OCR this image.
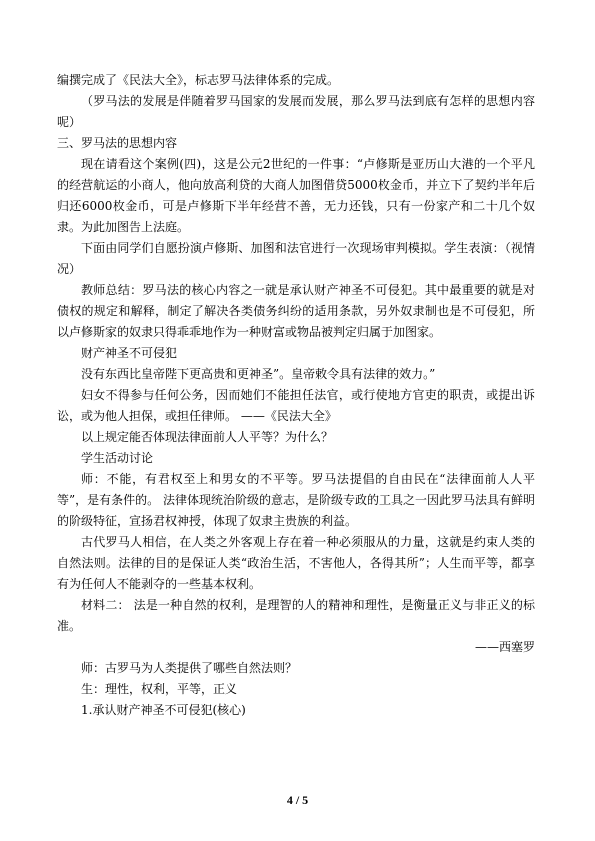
编撰完成了《民法大全》，标志罗马法律体系的完成。

（罗马法的发展是伴随着罗马国家的发展而发展，那么罗马法到底有怎样的思想内容呢）

三、罗马法的思想内容

现在请看这个案例(四)，这是公元2世纪的一件事：“卢修斯是亚历山大港的一个平凡的经营航运的小商人，他向放高利贷的大商人加图借贷5000枚金币，并立下了契约半年后归还6000枚金币，可是卢修斯下半年经营不善，无力还钱，只有一份家产和二十几个奴隶。为此加图告上法庭。

下面由同学们自愿扮演卢修斯、加图和法官进行一次现场审判模拟。学生表演：（视情况）

教师总结：罗马法的核心内容之一就是承认财产神圣不可侵犯。其中最重要的就是对债权的规定和解释，制定了解决各类债务纠纷的适用条款，另外奴隶制也是不可侵犯，所以卢修斯家的奴隶只得乖乖地作为一种财富或物品被判定归属于加图家。

财产神圣不可侵犯

没有东西比皇帝陛下更高贵和更神圣”。皇帝敕令具有法律的效力。”

妇女不得参与任何公务，因而她们不能担任法官，或行使地方官吏的职责，或提出诉讼，或为他人担保，或担任律师。 ——《民法大全》

以上规定能否体现法律面前人人平等？为什么？

学生活动讨论

师：不能，有君权至上和男女的不平等。罗马法提倡的自由民在“法律面前人人平等”，是有条件的。 法律体现统治阶级的意志，是阶级专政的工具之一因此罗马法具有鲜明的阶级特征，宣扬君权神授，体现了奴隶主贵族的利益。

古代罗马人相信，在人类之外客观上存在着一种必须服从的力量，这就是约束人类的自然法则。法律的目的是保证人类“政治生活，不害他人，各得其所”；人生而平等，都享有为任何人不能剥夺的一些基本权利。

材料二： 法是一种自然的权利，是理智的人的精神和理性，是衡量正义与非正义的标准。

——西塞罗

师：古罗马为人类提供了哪些自然法则？

生：理性，权利，平等，正义

1.承认财产神圣不可侵犯(核心)

4 / 5
